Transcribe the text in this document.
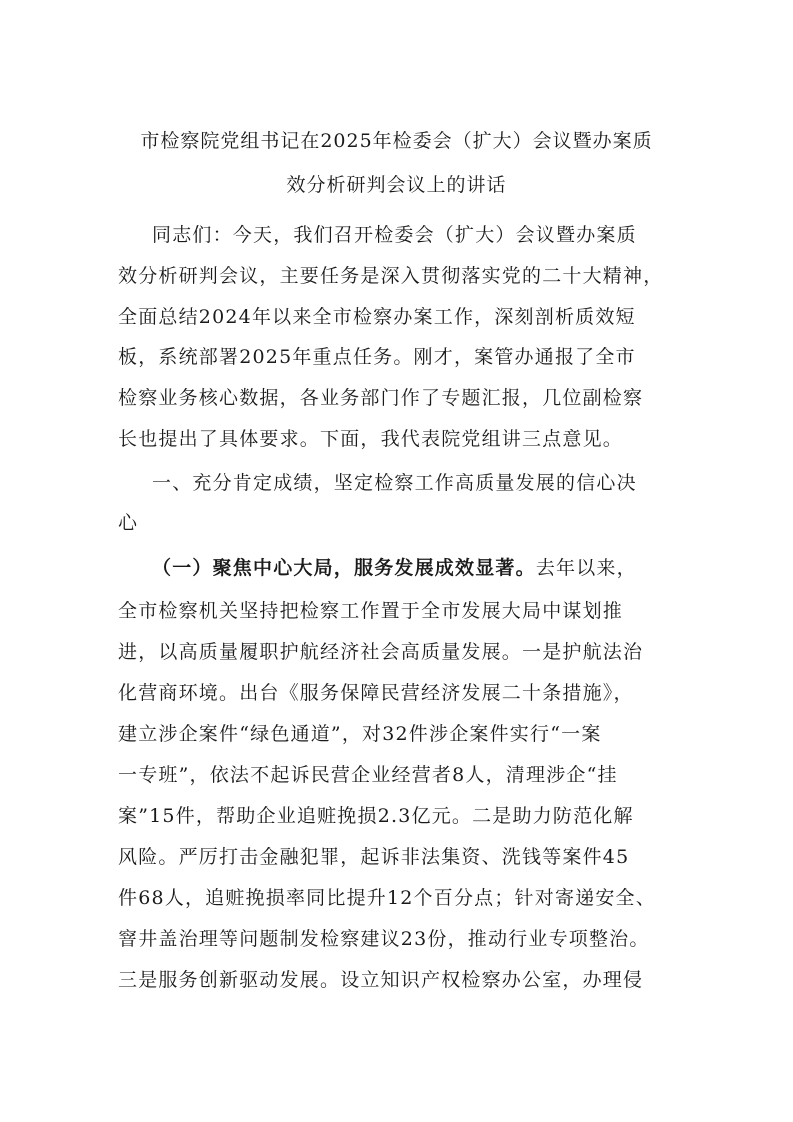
市检察院党组书记在2025年检委会（扩大）会议暨办案质
效分析研判会议上的讲话
同志们：今天，我们召开检委会（扩大）会议暨办案质
效分析研判会议，主要任务是深入贯彻落实党的二十大精神，
全面总结2024年以来全市检察办案工作，深刻剖析质效短
板，系统部署2025年重点任务。刚才，案管办通报了全市
检察业务核心数据，各业务部门作了专题汇报，几位副检察
长也提出了具体要求。下面，我代表院党组讲三点意见。
一、充分肯定成绩，坚定检察工作高质量发展的信心决
心
（一）聚焦中心大局，服务发展成效显著。去年以来，
全市检察机关坚持把检察工作置于全市发展大局中谋划推
进，以高质量履职护航经济社会高质量发展。一是护航法治
化营商环境。出台《服务保障民营经济发展二十条措施》，
建立涉企案件“绿色通道”，对32件涉企案件实行“一案
一专班”，依法不起诉民营企业经营者8人，清理涉企“挂
案”15件，帮助企业追赃挽损2.3亿元。二是助力防范化解
风险。严厉打击金融犯罪，起诉非法集资、洗钱等案件45
件68人，追赃挽损率同比提升12个百分点；针对寄递安全、
窨井盖治理等问题制发检察建议23份，推动行业专项整治。
三是服务创新驱动发展。设立知识产权检察办公室，办理侵
